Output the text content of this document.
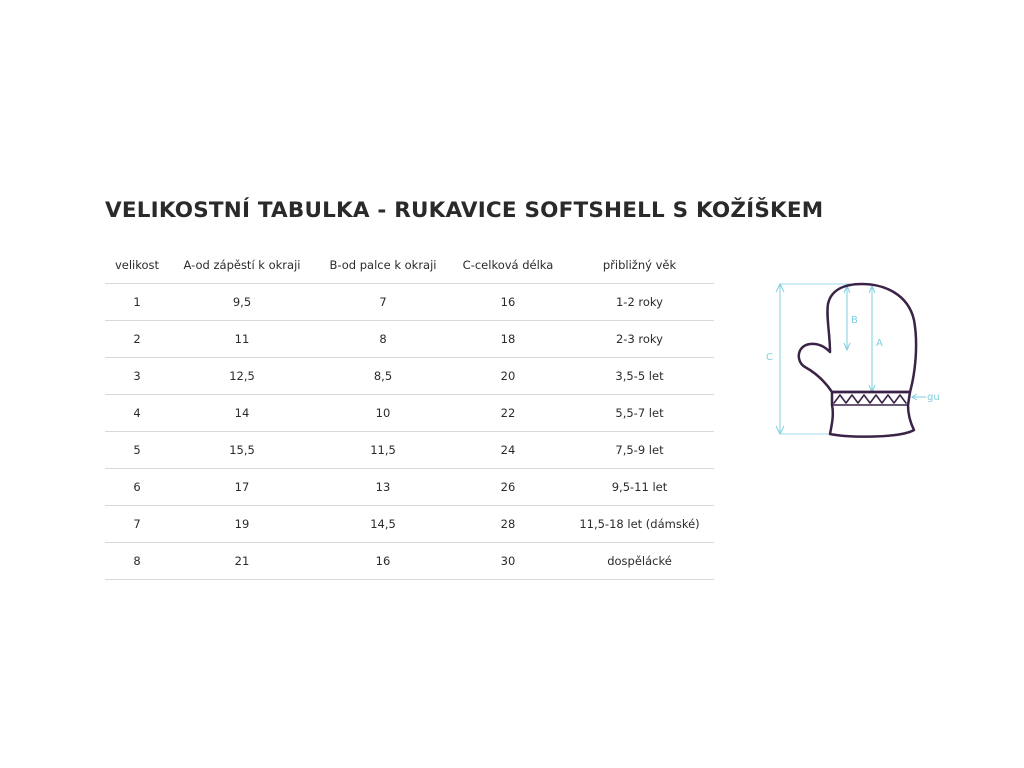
VELIKOSTNÍ TABULKA - RUKAVICE SOFTSHELL S KOŽÍŠKEM
velikost	A-od zápěstí k okraji	B-od palce k okraji	C-celková délka	přibližný věk
1	9,5	7	16	1-2 roky
2	11	8	18	2-3 roky
3	12,5	8,5	20	3,5-5 let
4	14	10	22	5,5-7 let
5	15,5	11,5	24	7,5-9 let
6	17	13	26	9,5-11 let
7	19	14,5	28	11,5-18 let (dámské)
8	21	16	30	dospělácké
C
B
A
gu
